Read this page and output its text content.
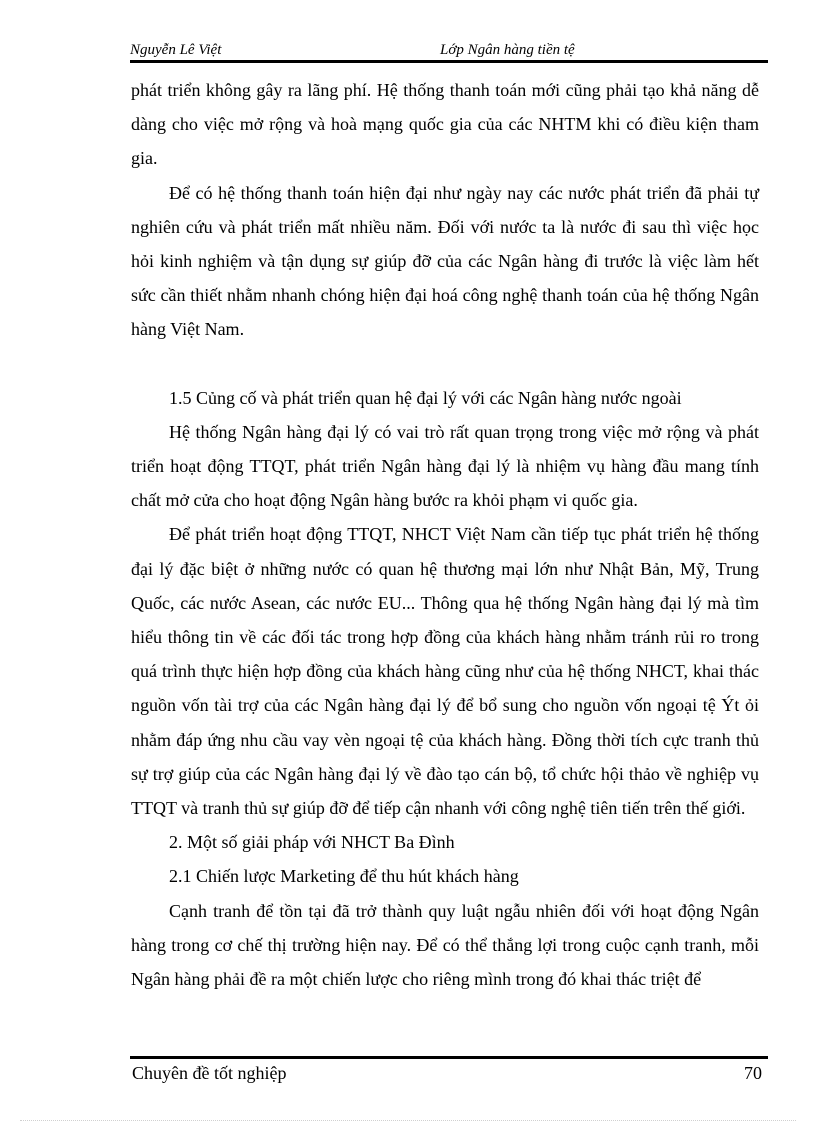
Nguyễn Lê Việt	Lớp Ngân hàng tiền tệ

phát triển không gây ra lãng phí. Hệ thống thanh toán mới cũng phải tạo khả năng dễ dàng cho việc mở rộng và hoà mạng quốc gia của các NHTM khi có điều kiện tham gia.

Để có hệ thống thanh toán hiện đại như ngày nay các nước phát triển đã phải tự nghiên cứu và phát triển mất nhiều năm. Đối với nước ta là nước đi sau thì việc học hỏi kinh nghiệm và tận dụng sự giúp đỡ của các Ngân hàng đi trước là việc làm hết sức cần thiết nhằm nhanh chóng hiện đại hoá công nghệ thanh toán của hệ thống Ngân hàng Việt Nam.

1.5 Củng cố và phát triển quan hệ đại lý với các Ngân hàng nước ngoài

Hệ thống Ngân hàng đại lý có vai trò rất quan trọng trong việc mở rộng và phát triển hoạt động TTQT, phát triển Ngân hàng đại lý là nhiệm vụ hàng đầu mang tính chất mở cửa cho hoạt động Ngân hàng bước ra khỏi phạm vi quốc gia.

Để phát triển hoạt động TTQT, NHCT Việt Nam cần tiếp tục phát triển hệ thống đại lý đặc biệt ở những nước có quan hệ thương mại lớn như Nhật Bản, Mỹ, Trung Quốc, các nước Asean, các nước EU... Thông qua hệ thống Ngân hàng đại lý mà tìm hiểu thông tin về các đối tác trong hợp đồng của khách hàng nhằm tránh rủi ro trong quá trình thực hiện hợp đồng của khách hàng cũng như của hệ thống NHCT, khai thác nguồn vốn tài trợ của các Ngân hàng đại lý để bổ sung cho nguồn vốn ngoại tệ Ýt ỏi nhằm đáp ứng nhu cầu vay vèn ngoại tệ của khách hàng. Đồng thời tích cực tranh thủ sự trợ giúp của các Ngân hàng đại lý về đào tạo cán bộ, tổ chức hội thảo về nghiệp vụ TTQT và tranh thủ sự giúp đỡ để tiếp cận nhanh với công nghệ tiên tiến trên thế giới.

2. Một số giải pháp với NHCT Ba Đình

2.1 Chiến lược Marketing để thu hút khách hàng

Cạnh tranh để tồn tại đã trở thành quy luật ngẫu nhiên đối với hoạt động Ngân hàng trong cơ chế thị trường hiện nay. Để có thể thắng lợi trong cuộc cạnh tranh, mỗi Ngân hàng phải đề ra một chiến lược cho riêng mình trong đó khai thác triệt để

Chuyên đề tốt nghiệp	70
